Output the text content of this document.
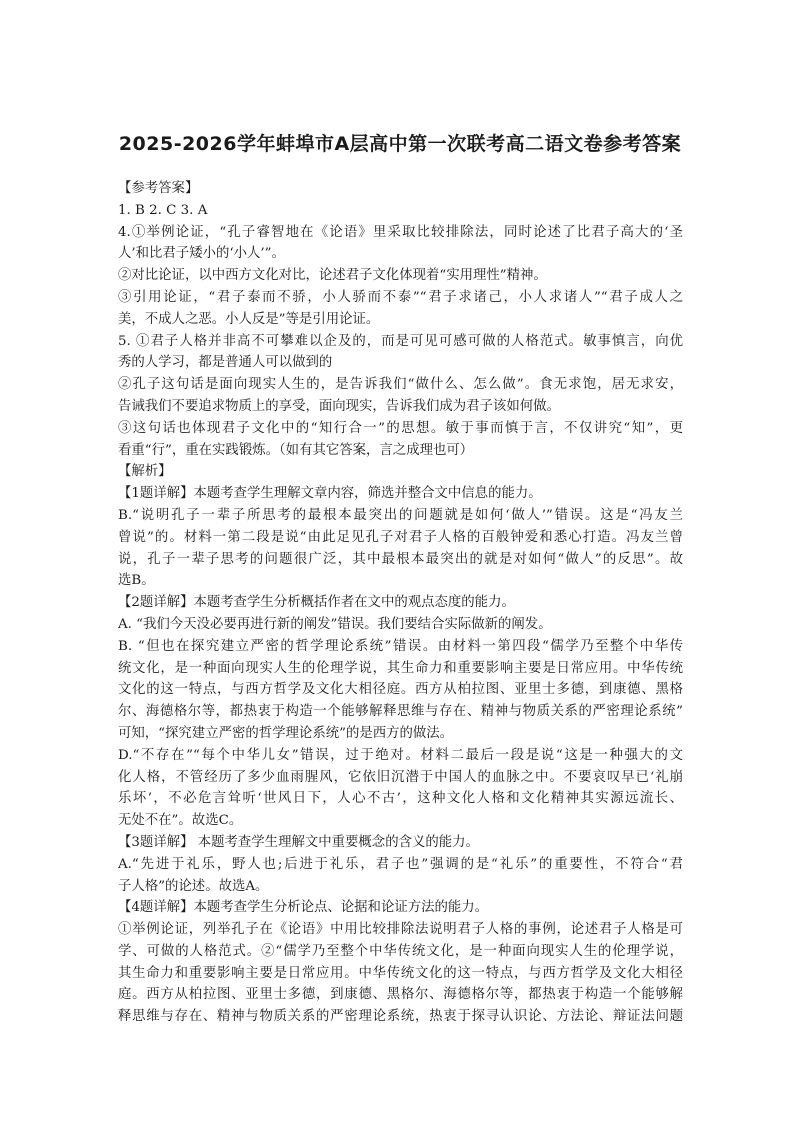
2025-2026学年蚌埠市A层高中第一次联考高二语文卷参考答案
【参考答案】
1. B 2. C 3. A
4.①举例论证，“孔子睿智地在《论语》里采取比较排除法，同时论述了比君子高大的‘圣
人’和比君子矮小的‘小人’”。
②对比论证，以中西方文化对比，论述君子文化体现着“实用理性”精神。
③引用论证，“君子泰而不骄，小人骄而不泰”“君子求诸己，小人求诸人”“君子成人之
美，不成人之恶。小人反是”等是引用论证。
5. ①君子人格并非高不可攀难以企及的，而是可见可感可做的人格范式。敏事慎言，向优
秀的人学习，都是普通人可以做到的
②孔子这句话是面向现实人生的，是告诉我们“做什么、怎么做”。食无求饱，居无求安，
告诫我们不要追求物质上的享受，面向现实，告诉我们成为君子该如何做。
③这句话也体现君子文化中的“知行合一”的思想。敏于事而慎于言，不仅讲究“知”，更
看重“行”，重在实践锻炼。（如有其它答案，言之成理也可）
【解析】
【1题详解】本题考查学生理解文章内容，筛选并整合文中信息的能力。
B.“说明孔子一辈子所思考的最根本最突出的问题就是如何‘做人’”错误。这是“冯友兰
曾说”的。材料一第二段是说“由此足见孔子对君子人格的百般钟爱和悉心打造。冯友兰曾
说，孔子一辈子思考的问题很广泛，其中最根本最突出的就是对如何“做人”的反思”。故
选B。
【2题详解】本题考查学生分析概括作者在文中的观点态度的能力。
A. “我们今天没必要再进行新的阐发”错误。我们要结合实际做新的阐发。
B. “但也在探究建立严密的哲学理论系统”错误。由材料一第四段“儒学乃至整个中华传
统文化，是一种面向现实人生的伦理学说，其生命力和重要影响主要是日常应用。中华传统
文化的这一特点，与西方哲学及文化大相径庭。西方从柏拉图、亚里士多德，到康德、黑格
尔、海德格尔等，都热衷于构造一个能够解释思维与存在、精神与物质关系的严密理论系统”
可知，“探究建立严密的哲学理论系统”的是西方的做法。
D.“不存在”“每个中华儿女”错误，过于绝对。材料二最后一段是说“这是一种强大的文
化人格，不管经历了多少血雨腥风，它依旧沉潜于中国人的血脉之中。不要哀叹早已‘礼崩
乐坏’，不必危言耸听‘世风日下，人心不古’，这种文化人格和文化精神其实源远流长、
无处不在”。故选C。
【3题详解】 本题考查学生理解文中重要概念的含义的能力。
A.“先进于礼乐，野人也;后进于礼乐，君子也”强调的是“礼乐”的重要性，不符合“君
子人格”的论述。故选A。
【4题详解】本题考查学生分析论点、论据和论证方法的能力。
①举例论证，列举孔子在《论语》中用比较排除法说明君子人格的事例，论述君子人格是可
学、可做的人格范式。②“儒学乃至整个中华传统文化，是一种面向现实人生的伦理学说，
其生命力和重要影响主要是日常应用。中华传统文化的这一特点，与西方哲学及文化大相径
庭。西方从柏拉图、亚里士多德，到康德、黑格尔、海德格尔等，都热衷于构造一个能够解
释思维与存在、精神与物质关系的严密理论系统，热衷于探寻认识论、方法论、辩证法问题
